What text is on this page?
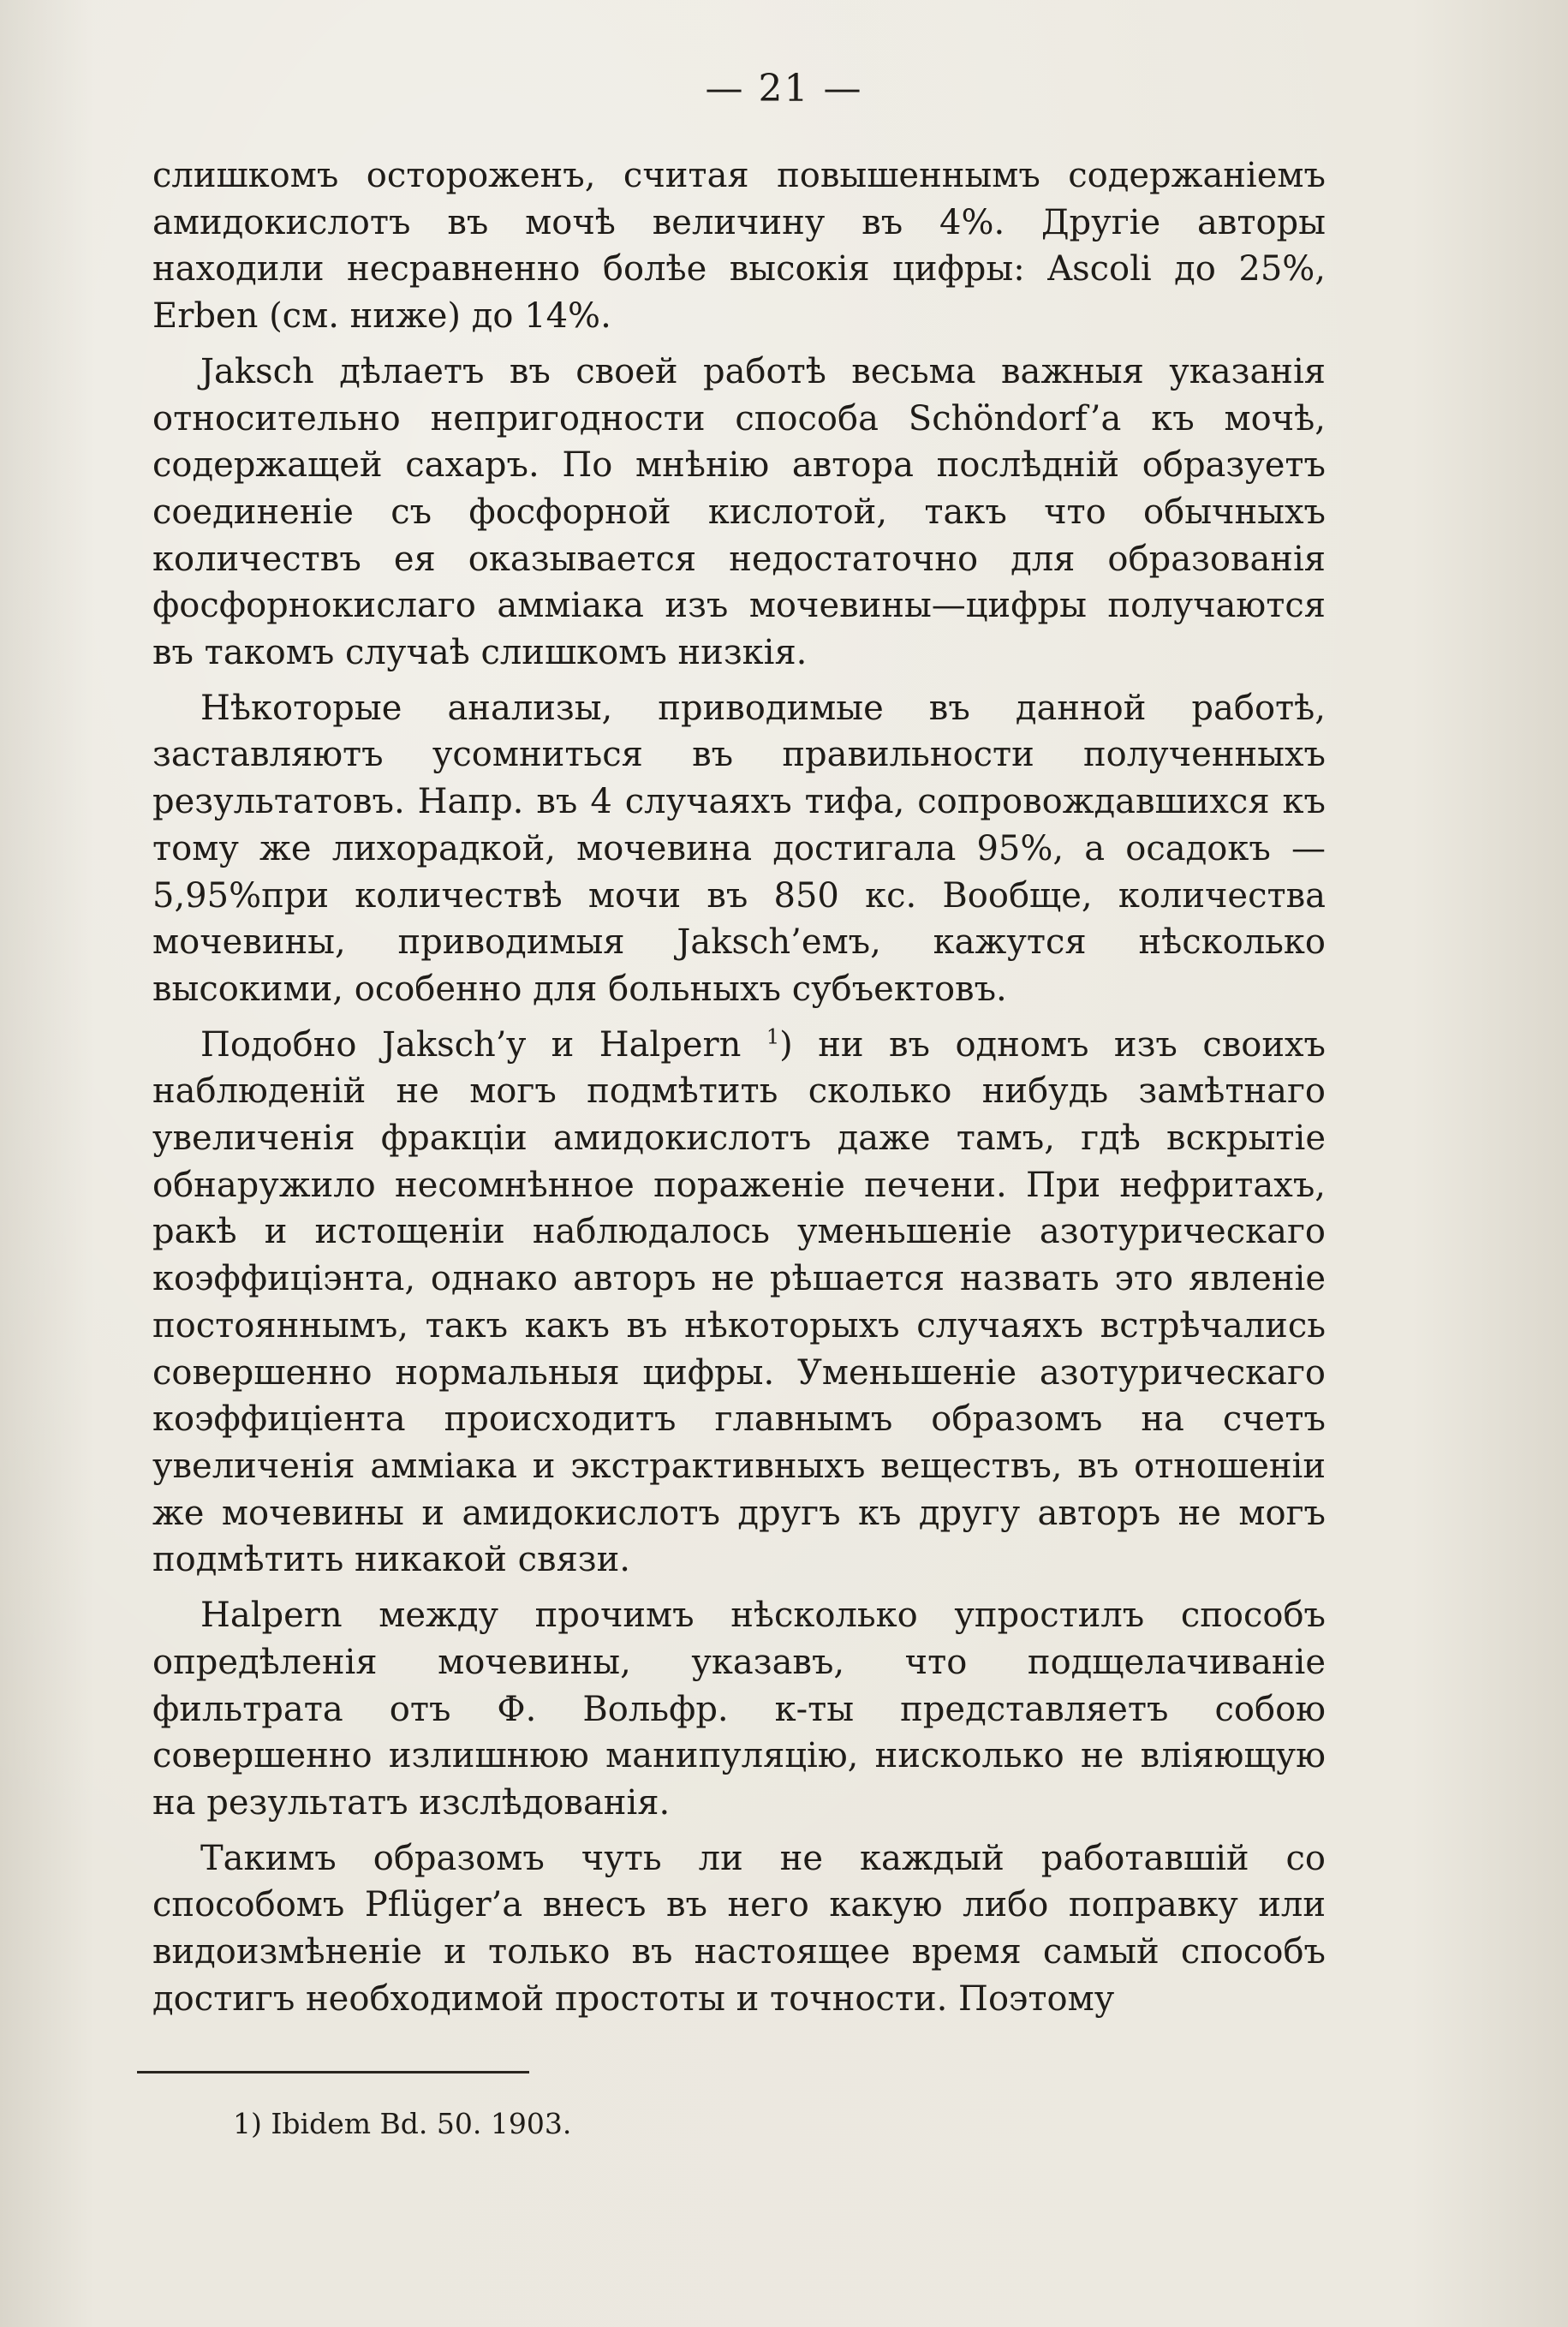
— 21 —

слишкомъ остороженъ, считая повышеннымъ содержаніемъ амидокислотъ въ мочѣ величину въ 4%. Другіе авторы находили несравненно болѣе высокія цифры: Ascoli до 25%, Erben (см. ниже) до 14%.

Jaksch дѣлаетъ въ своей работѣ весьма важныя указанія относительно непригодности способа Schöndorf’a къ мочѣ, содержащей сахаръ. По мнѣнію автора послѣдній образуетъ соединеніе съ фосфорной кислотой, такъ что обычныхъ количествъ ея оказывается недостаточно для образованія фосфорнокислаго амміака изъ мочевины—цифры получаются въ такомъ случаѣ слишкомъ низкія.

Нѣкоторые анализы, приводимые въ данной работѣ, заставляютъ усомниться въ правильности полученныхъ результатовъ. Напр. въ 4 случаяхъ тифа, сопровождавшихся къ тому же лихорадкой, мочевина достигала 95%, а осадокъ — 5,95%при количествѣ мочи въ 850 кс. Вообще, количества мочевины, приводимыя Jaksch’емъ, кажутся нѣсколько высокими, особенно для больныхъ субъектовъ.

Подобно Jaksch’y и Halpern $^1$) ни въ одномъ изъ своихъ наблюденій не могъ подмѣтить сколько нибудь замѣтнаго увеличенія фракціи амидокислотъ даже тамъ, гдѣ вскрытіе обнаружило несомнѣнное пораженіе печени. При нефритахъ, ракѣ и истощеніи наблюдалось уменьшеніе азотурическаго коэффиціэнта, однако авторъ не рѣшается назвать это явленіе постояннымъ, такъ какъ въ нѣкоторыхъ случаяхъ встрѣчались совершенно нормальныя цифры. Уменьшеніе азотурическаго коэффиціента происходитъ главнымъ образомъ на счетъ увеличенія амміака и экстрактивныхъ веществъ, въ отношеніи же мочевины и амидокислотъ другъ къ другу авторъ не могъ подмѣтить никакой связи.

Halpern между прочимъ нѣсколько упростилъ способъ опредѣленія мочевины, указавъ, что подщелачиваніе фильтрата отъ Ф. Вольфр. к-ты представляетъ собою совершенно излишнюю манипуляцію, нисколько не вліяющую на результатъ изслѣдованія.

Такимъ образомъ чуть ли не каждый работавшій со способомъ Pflüger’a внесъ въ него какую либо поправку или видоизмѣненіе и только въ настоящее время самый способъ достигъ необходимой простоты и точности. Поэтому

1) Ibidem Bd. 50. 1903.
